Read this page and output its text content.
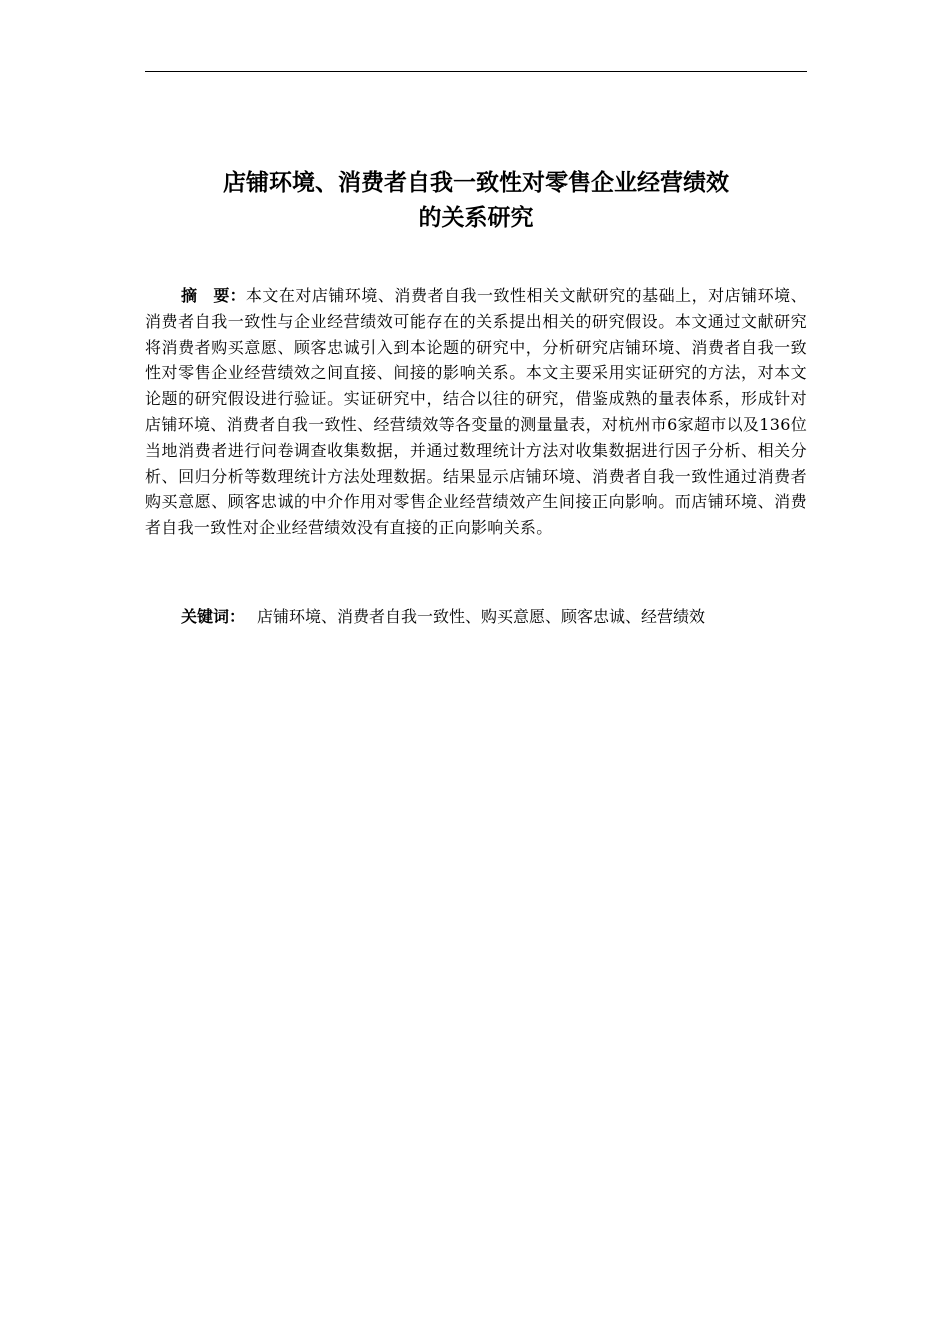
店铺环境、消费者自我一致性对零售企业经营绩效
的关系研究

摘　要：本文在对店铺环境、消费者自我一致性相关文献研究的基础上，对店铺环境、消费者自我一致性与企业经营绩效可能存在的关系提出相关的研究假设。本文通过文献研究将消费者购买意愿、顾客忠诚引入到本论题的研究中，分析研究店铺环境、消费者自我一致性对零售企业经营绩效之间直接、间接的影响关系。本文主要采用实证研究的方法，对本文论题的研究假设进行验证。实证研究中，结合以往的研究，借鉴成熟的量表体系，形成针对店铺环境、消费者自我一致性、经营绩效等各变量的测量量表，对杭州市6家超市以及136位当地消费者进行问卷调查收集数据，并通过数理统计方法对收集数据进行因子分析、相关分析、回归分析等数理统计方法处理数据。结果显示店铺环境、消费者自我一致性通过消费者购买意愿、顾客忠诚的中介作用对零售企业经营绩效产生间接正向影响。而店铺环境、消费者自我一致性对企业经营绩效没有直接的正向影响关系。

关键词： 店铺环境、消费者自我一致性、购买意愿、顾客忠诚、经营绩效
